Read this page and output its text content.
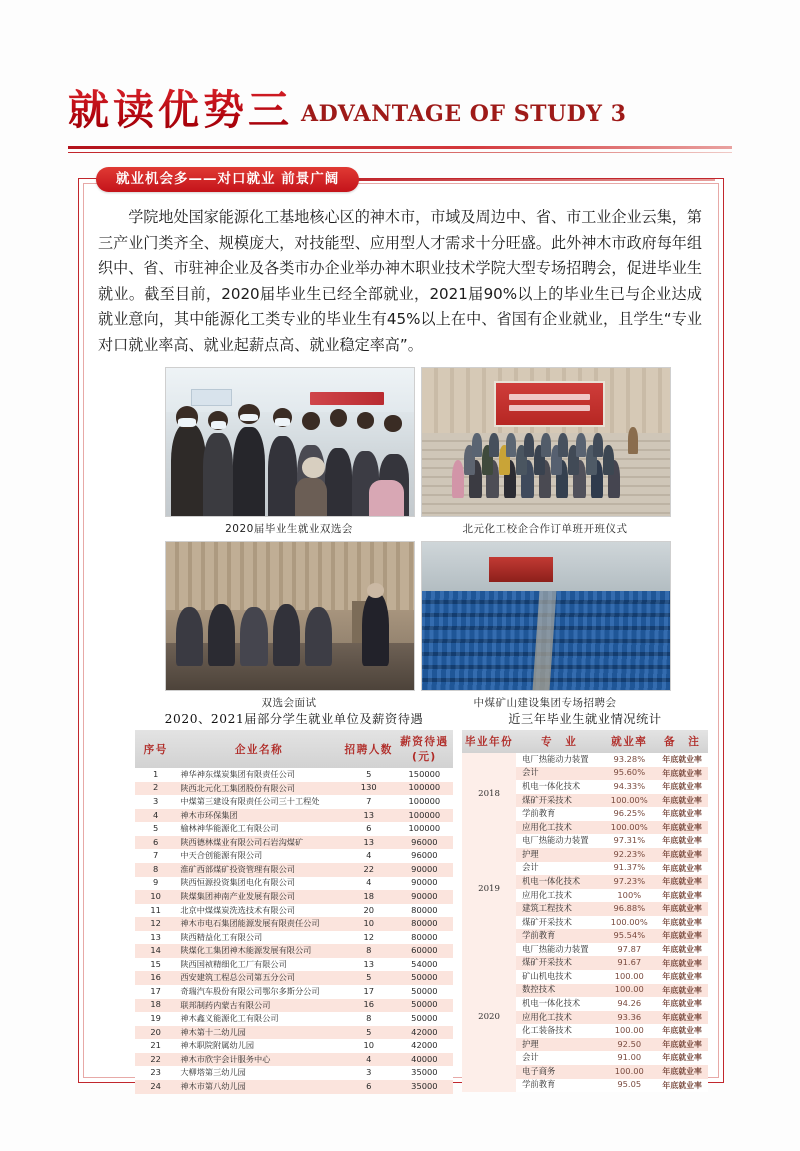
就读优势三 ADVANTAGE OF STUDY 3
就业机会多——对口就业 前景广阔
学院地处国家能源化工基地核心区的神木市，市域及周边中、省、市工业企业云集，第三产业门类齐全、规模庞大，对技能型、应用型人才需求十分旺盛。此外神木市政府每年组织中、省、市驻神企业及各类市办企业举办神木职业技术学院大型专场招聘会，促进毕业生就业。截至目前，2020届毕业生已经全部就业，2021届90%以上的毕业生已与企业达成就业意向，其中能源化工类专业的毕业生有45%以上在中、省国有企业就业，且学生“专业对口就业率高、就业起薪点高、就业稳定率高”。
2020届毕业生就业双选会	北元化工校企合作订单班开班仪式
双选会面试	中煤矿山建设集团专场招聘会
2020、2021届部分学生就业单位及薪资待遇
序号	企业名称	招聘人数	薪资待遇(元)
1	神华神东煤炭集团有限责任公司	5	150000
2	陕西北元化工集团股份有限公司	130	100000
3	中煤第三建设有限责任公司三十工程处	7	100000
4	神木市环保集团	13	100000
5	榆林神华能源化工有限公司	6	100000
6	陕西德林煤业有限公司石岩沟煤矿	13	96000
7	中天合创能源有限公司	4	96000
8	淮矿西部煤矿投资管理有限公司	22	90000
9	陕西恒源投资集团电化有限公司	4	90000
10	陕煤集团神南产业发展有限公司	18	90000
11	北京中煤煤炭洗选技术有限公司	20	80000
12	神木市电石集团能源发展有限责任公司	10	80000
13	陕西精益化工有限公司	12	80000
14	陕煤化工集团神木能源发展有限公司	8	60000
15	陕西国祯精细化工厂有限公司	13	54000
16	西安建筑工程总公司第五分公司	5	50000
17	奇瑞汽车股份有限公司鄂尔多斯分公司	17	50000
18	联邦制药内蒙古有限公司	16	50000
19	神木鑫义能源化工有限公司	8	50000
20	神木第十二幼儿园	5	42000
21	神木职院附属幼儿园	10	42000
22	神木市欣宇会计服务中心	4	40000
23	大柳塔第三幼儿园	3	35000
24	神木市第八幼儿园	6	35000
近三年毕业生就业情况统计
毕业年份	专　业	就业率	备　注
2018	电厂热能动力装置	93.28%	年底就业率
	会计	95.60%	年底就业率
	机电一体化技术	94.33%	年底就业率
	煤矿开采技术	100.00%	年底就业率
	学前教育	96.25%	年底就业率
	应用化工技术	100.00%	年底就业率
2019	电厂热能动力装置	97.31%	年底就业率
	护理	92.23%	年底就业率
	会计	91.37%	年底就业率
	机电一体化技术	97.23%	年底就业率
	应用化工技术	100%	年底就业率
	建筑工程技术	96.88%	年底就业率
	煤矿开采技术	100.00%	年底就业率
	学前教育	95.54%	年底就业率
2020	电厂热能动力装置	97.87	年底就业率
	煤矿开采技术	91.67	年底就业率
	矿山机电技术	100.00	年底就业率
	数控技术	100.00	年底就业率
	机电一体化技术	94.26	年底就业率
	应用化工技术	93.36	年底就业率
	化工装备技术	100.00	年底就业率
	护理	92.50	年底就业率
	会计	91.00	年底就业率
	电子商务	100.00	年底就业率
	学前教育	95.05	年底就业率
